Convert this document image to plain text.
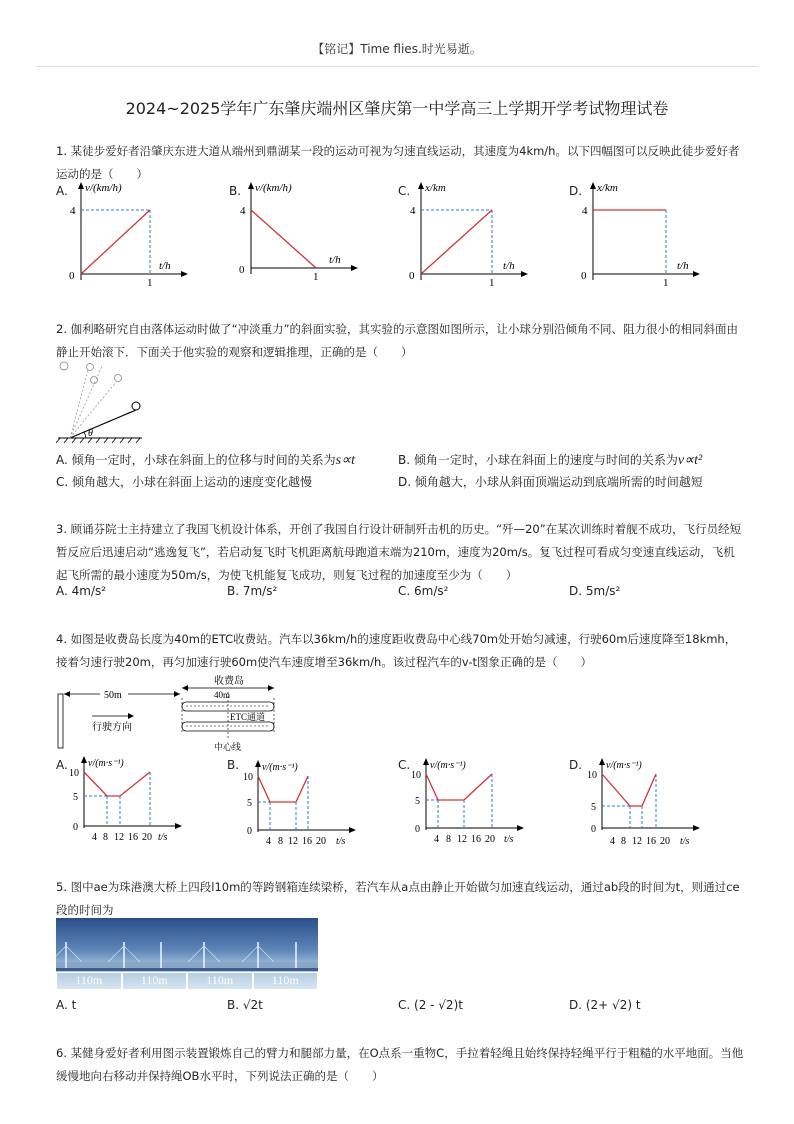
【铭记】Time flies.时光易逝。
2024~2025学年广东肇庆端州区肇庆第一中学高三上学期开学考试物理试卷
1. 某徒步爱好者沿肇庆东进大道从端州到鼎湖某一段的运动可视为匀速直线运动，其速度为4km/h。以下四幅图可以反映此徒步爱好者运动的是（　　）
A. v/(km/h)
t/h
4
1
0
B. v/(km/h)
t/h
4
1
0
C. x/km
t/h
4
1
0
D. x/km
t/h
4
1
0
2. 伽利略研究自由落体运动时做了“冲淡重力”的斜面实验，其实验的示意图如图所示，让小球分别沿倾角不同、阻力很小的相同斜面由静止开始滚下．下面关于他实验的观察和逻辑推理，正确的是（　　）
θ
A. 倾角一定时，小球在斜面上的位移与时间的关系为s∝t	B. 倾角一定时，小球在斜面上的速度与时间的关系为v∝t²
C. 倾角越大，小球在斜面上运动的速度变化越慢	D. 倾角越大，小球从斜面顶端运动到底端所需的时间越短
3. 顾诵芬院士主持建立了我国飞机设计体系，开创了我国自行设计研制歼击机的历史。“歼—20”在某次训练时着舰不成功，飞行员经短暂反应后迅速启动“逃逸复飞”，若启动复飞时飞机距离航母跑道末端为210m，速度为20m/s。复飞过程可看成匀变速直线运动，飞机起飞所需的最小速度为50m/s，为使飞机能复飞成功，则复飞过程的加速度至少为（　　）
A. 4m/s²	B. 7m/s²	C. 6m/s²	D. 5m/s²
4. 如图是收费岛长度为40m的ETC收费站。汽车以36km/h的速度距收费岛中心线70m处开始匀减速，行驶60m后速度降至18kmh，接着匀速行驶20m，再匀加速行驶60m使汽车速度增至36km/h。该过程汽车的v-t图象正确的是（　　）
50m
收费岛
40m
ETC通道
中心线
行驶方向
A. v/(m·s⁻¹)
10
5
0
4 8 12 16 20 t/s
B. v/(m·s⁻¹)
10
5
0
4 8 12 16 20 t/s
C. v/(m·s⁻¹)
10
5
0
4 8 12 16 20 t/s
D. v/(m·s⁻¹)
10
5
0
4 8 12 16 20 t/s
5. 图中ae为珠港澳大桥上四段l10m的等跨钢箱连续梁桥，若汽车从a点由静止开始做匀加速直线运动，通过ab段的时间为t，则通过ce段的时间为
110m	110m	110m	110m
A. t	B. √2t	C. (2 - √2)t	D. (2+ √2) t
6. 某健身爱好者利用图示装置锻炼自己的臂力和腿部力量，在O点系一重物C，手拉着轻绳且始终保持轻绳平行于粗糙的水平地面。当他缓慢地向右移动并保持绳OB水平时，下列说法正确的是（　　）
